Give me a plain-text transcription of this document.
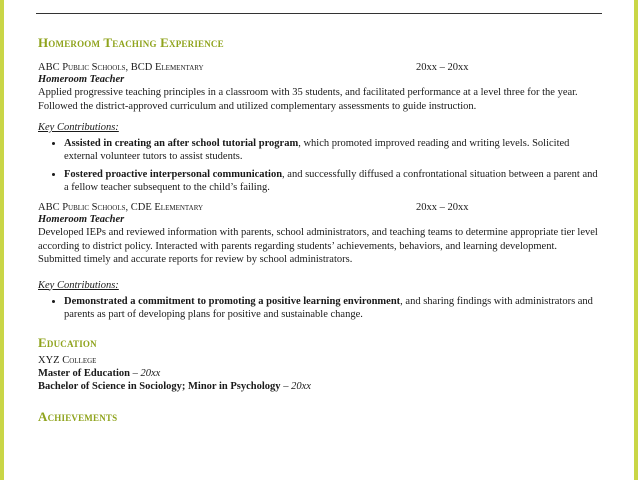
Homeroom Teaching Experience
ABC Public Schools, BCD Elementary	20xx – 20xx
Homeroom Teacher

Applied progressive teaching principles in a classroom with 35 students, and facilitated performance at a level three for the year. Followed the district-approved curriculum and utilized complementary assessments to guide instruction.

Key Contributions:
• Assisted in creating an after school tutorial program, which promoted improved reading and writing levels. Solicited external volunteer tutors to assist students.
• Fostered proactive interpersonal communication, and successfully diffused a confrontational situation between a parent and a fellow teacher subsequent to the child’s failing.
ABC Public Schools, CDE Elementary	20xx – 20xx
Homeroom Teacher

Developed IEPs and reviewed information with parents, school administrators, and teaching teams to determine appropriate tier level according to district policy. Interacted with parents regarding students’ achievements, behaviors, and learning development. Submitted timely and accurate reports for review by school administrators.

Key Contributions:
• Demonstrated a commitment to promoting a positive learning environment, and sharing findings with administrators and parents as part of developing plans for positive and sustainable change.
Education
XYZ College
Master of Education – 20xx
Bachelor of Science in Sociology; Minor in Psychology – 20xx
Achievements
